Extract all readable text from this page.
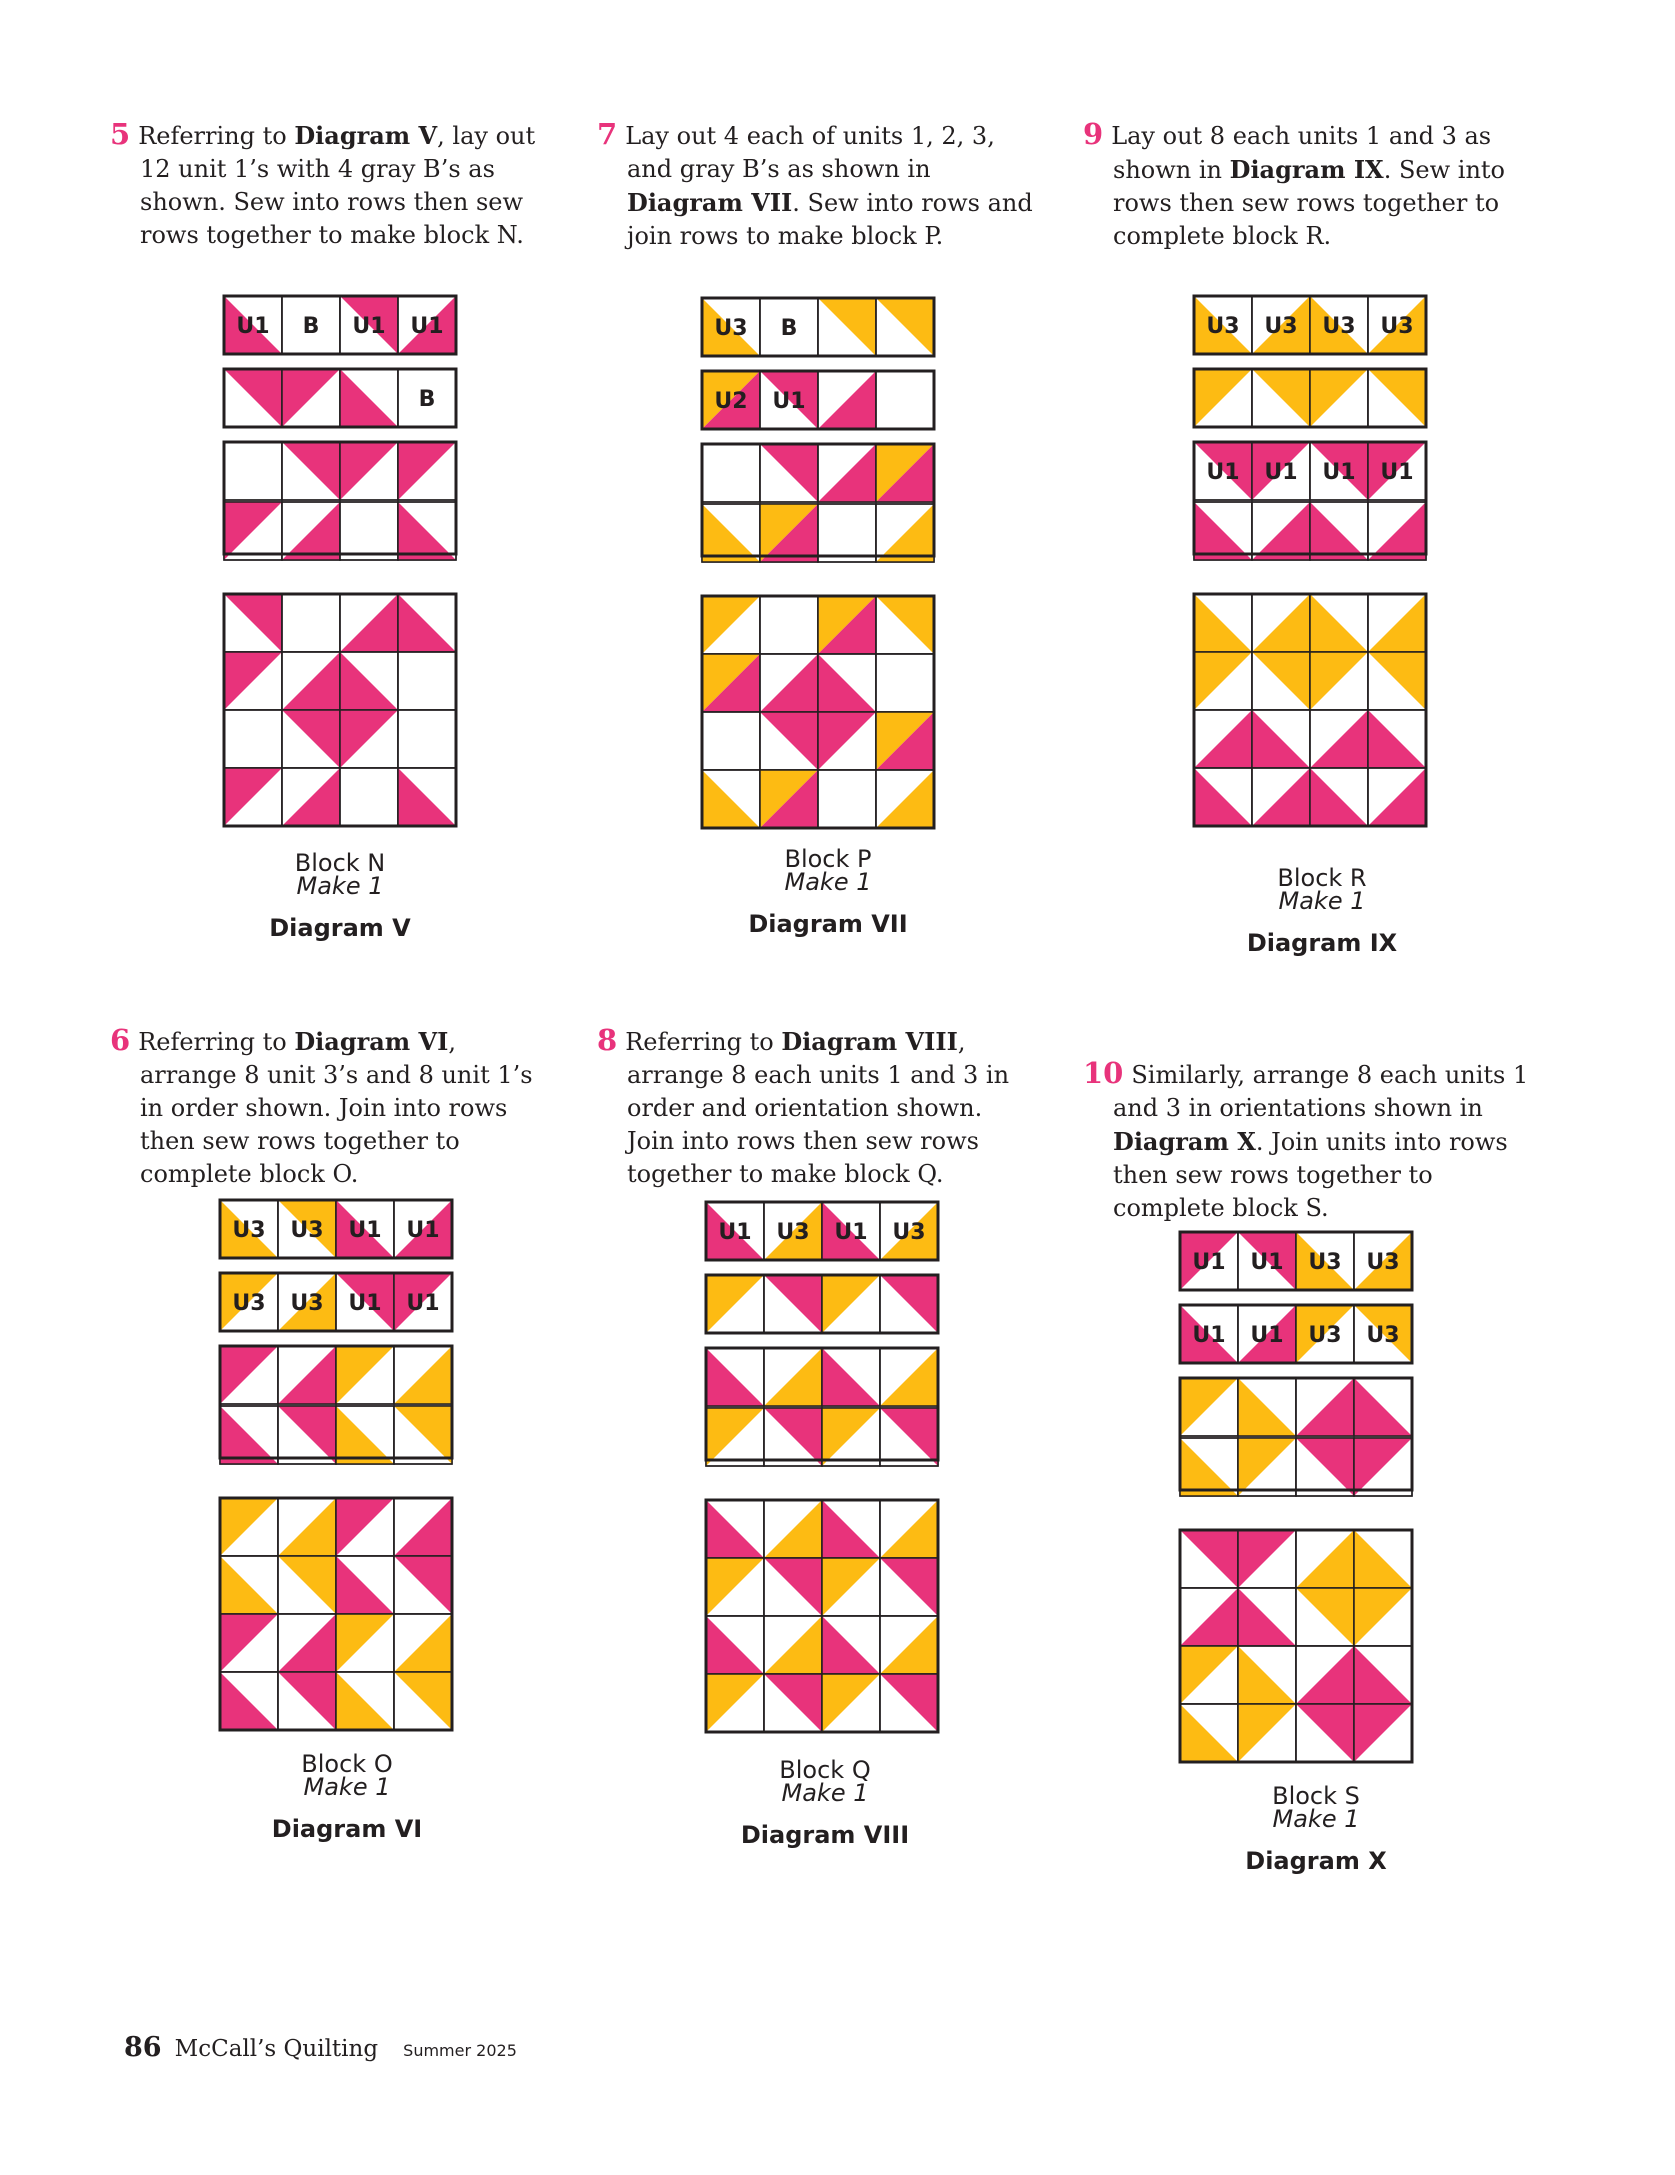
5 Referring to Diagram V, lay out 12 unit 1’s with 4 gray B’s as shown. Sew into rows then sew rows together to make block N.
7 Lay out 4 each of units 1, 2, 3, and gray B’s as shown in Diagram VII. Sew into rows and join rows to make block P.
9 Lay out 8 each units 1 and 3 as shown in Diagram IX. Sew into rows then sew rows together to complete block R.
6 Referring to Diagram VI, arrange 8 unit 3’s and 8 unit 1’s in order shown. Join into rows then sew rows together to complete block O.
8 Referring to Diagram VIII, arrange 8 each units 1 and 3 in order and orientation shown. Join into rows then sew rows together to make block Q.
10 Similarly, arrange 8 each units 1 and 3 in orientations shown in Diagram X. Join units into rows then sew rows together to complete block S.
U1 B U1 U1
B
U3 B
U2 U1
U3 U3 U3 U3
U1 U1 U1 U1
U3 U3 U1 U1
U3 U3 U1 U1
U1 U3 U1 U3
U1 U1 U3 U3
U1 U1 U3 U3
Block N
Make 1
Diagram V
Block P
Make 1
Diagram VII
Block R
Make 1
Diagram IX
Block O
Make 1
Diagram VI
Block Q
Make 1
Diagram VIII
Block S
Make 1
Diagram X
86 McCall’s Quilting Summer 2025
